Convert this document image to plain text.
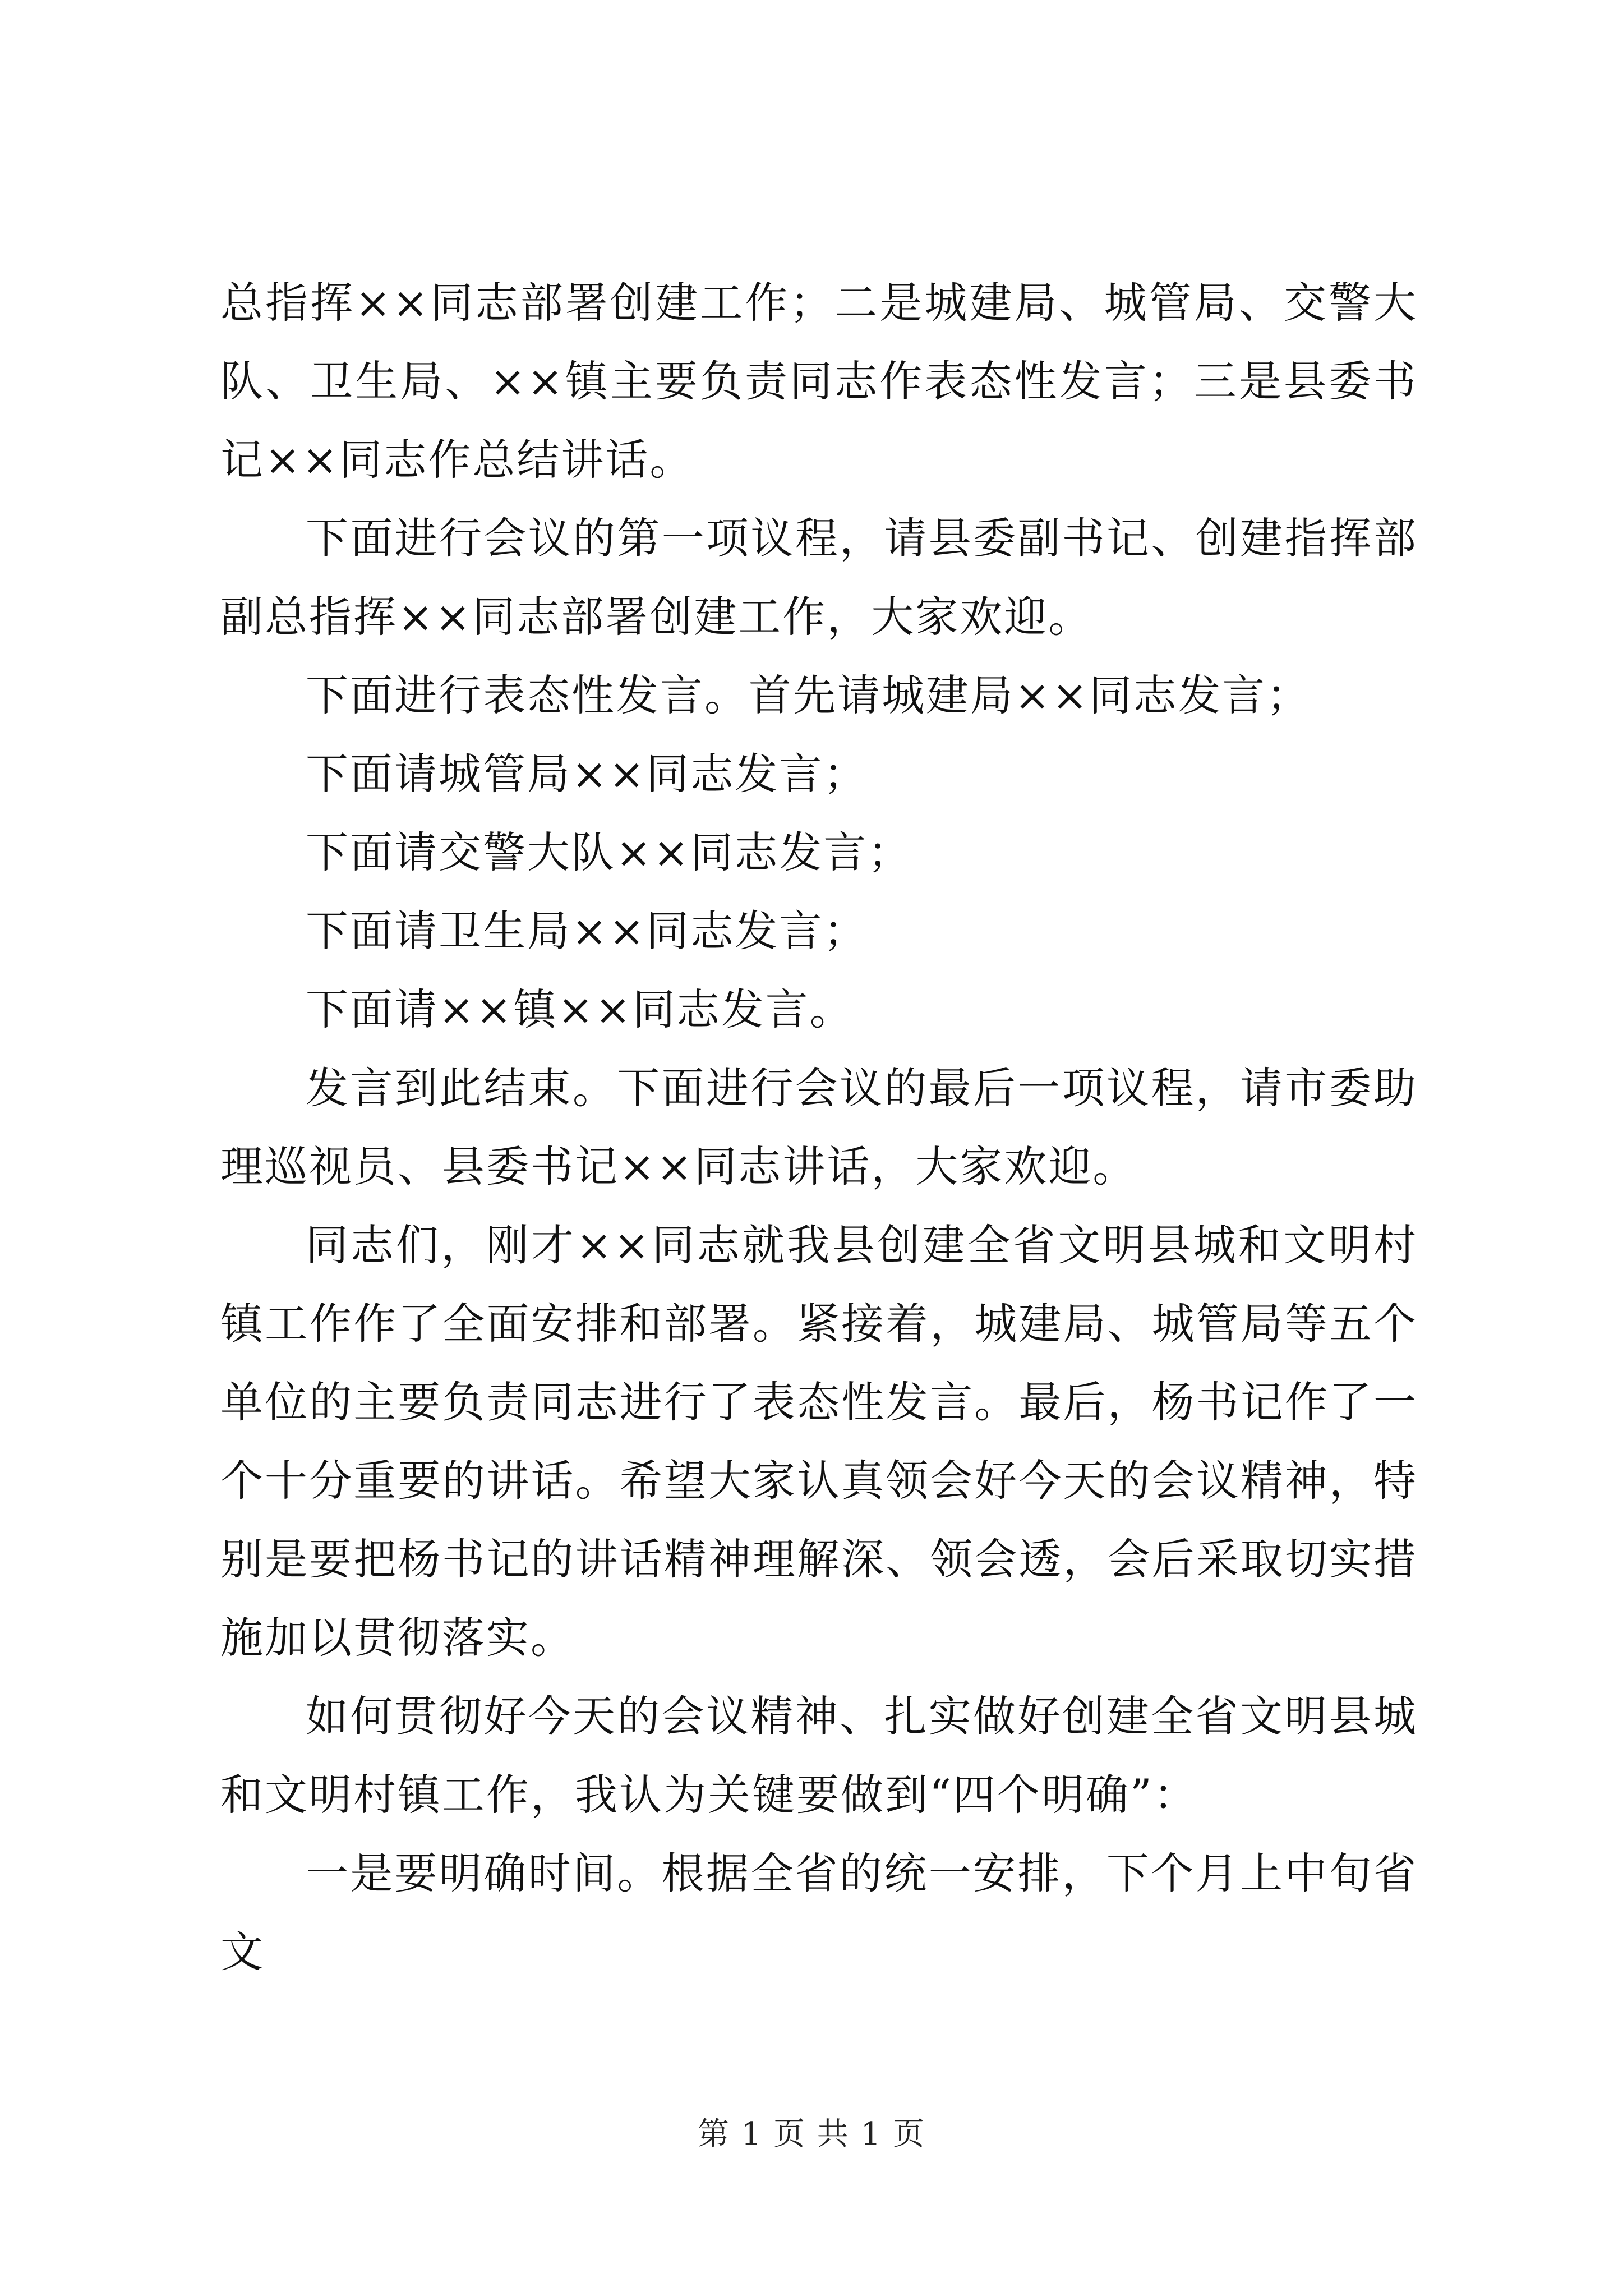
总指挥××同志部署创建工作；二是城建局、城管局、交警大队、卫生局、××镇主要负责同志作表态性发言；三是县委书记××同志作总结讲话。

下面进行会议的第一项议程，请县委副书记、创建指挥部副总指挥××同志部署创建工作，大家欢迎。

下面进行表态性发言。首先请城建局××同志发言；

下面请城管局××同志发言；

下面请交警大队××同志发言；

下面请卫生局××同志发言；

下面请××镇××同志发言。

发言到此结束。下面进行会议的最后一项议程，请市委助理巡视员、县委书记××同志讲话，大家欢迎。

同志们，刚才××同志就我县创建全省文明县城和文明村镇工作作了全面安排和部署。紧接着，城建局、城管局等五个单位的主要负责同志进行了表态性发言。最后，杨书记作了一个十分重要的讲话。希望大家认真领会好今天的会议精神，特别是要把杨书记的讲话精神理解深、领会透，会后采取切实措施加以贯彻落实。

如何贯彻好今天的会议精神、扎实做好创建全省文明县城和文明村镇工作，我认为关键要做到“四个明确”：

一是要明确时间。根据全省的统一安排，下个月上中旬省文

第 1 页 共 1 页
